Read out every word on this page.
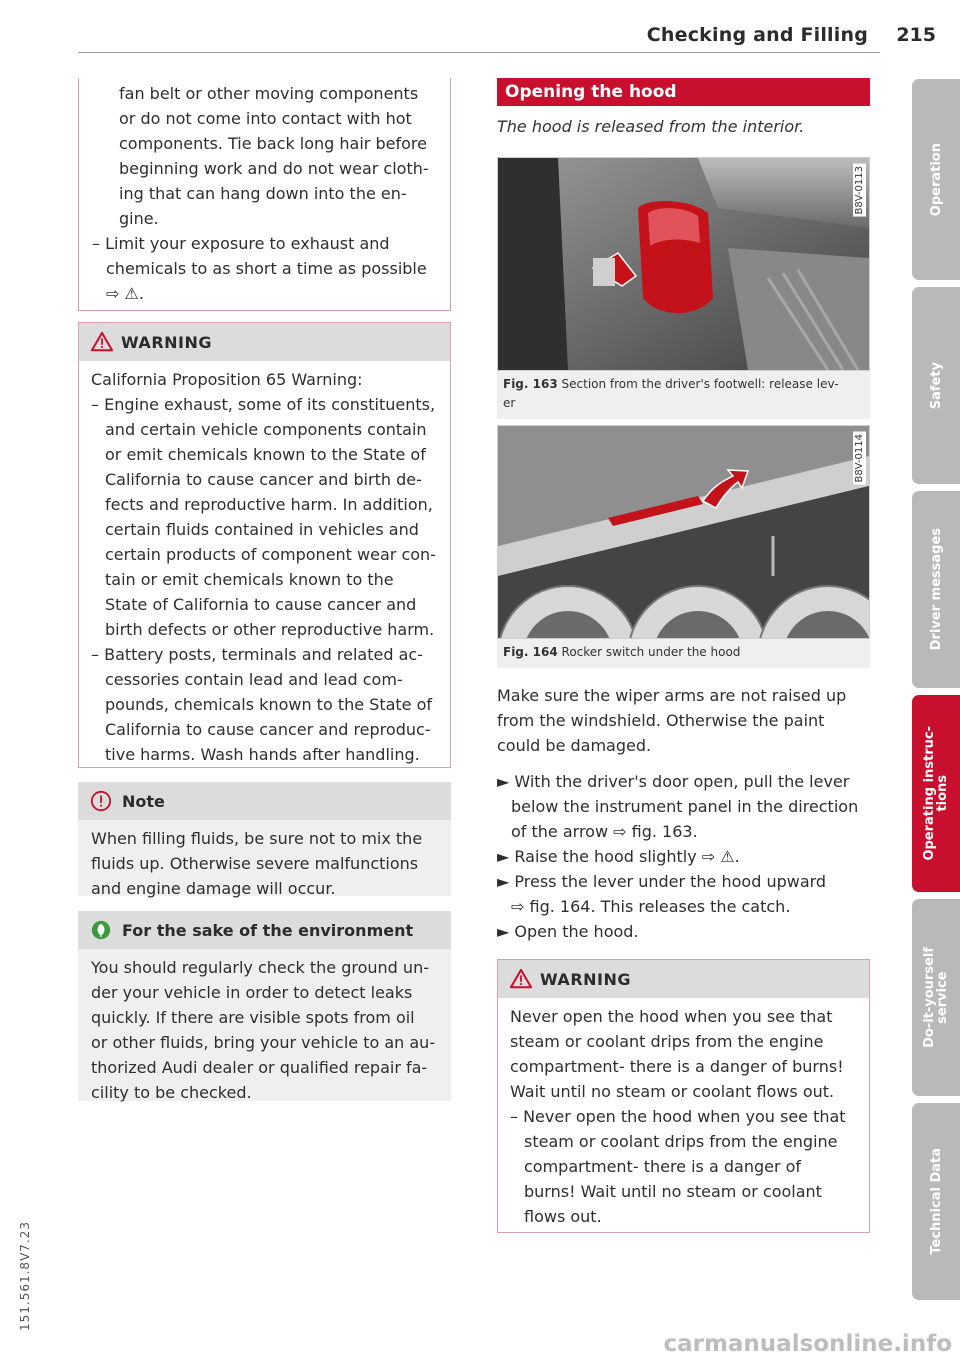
Checking and Filling 215
Operation
Safety
Driver messages
Operating instruc-
tions
Do-it-yourself
service
Technical Data
151.561.8V7.23
carmanualsonline.info
fan belt or other moving components
or do not come into contact with hot
components. Tie back long hair before
beginning work and do not wear cloth-
ing that can hang down into the en-
gine.
– Limit your exposure to exhaust and
chemicals to as short a time as possible
⇨ ⚠.
WARNING
California Proposition 65 Warning:
– Engine exhaust, some of its constituents,
and certain vehicle components contain
or emit chemicals known to the State of
California to cause cancer and birth de-
fects and reproductive harm. In addition,
certain fluids contained in vehicles and
certain products of component wear con-
tain or emit chemicals known to the
State of California to cause cancer and
birth defects or other reproductive harm.
– Battery posts, terminals and related ac-
cessories contain lead and lead com-
pounds, chemicals known to the State of
California to cause cancer and reproduc-
tive harms. Wash hands after handling.
Note
When filling fluids, be sure not to mix the
fluids up. Otherwise severe malfunctions
and engine damage will occur.
For the sake of the environment
You should regularly check the ground un-
der your vehicle in order to detect leaks
quickly. If there are visible spots from oil
or other fluids, bring your vehicle to an au-
thorized Audi dealer or qualified repair fa-
cility to be checked.
Opening the hood
The hood is released from the interior.
B8V-0113
Fig. 163 Section from the driver's footwell: release lev-
er
B8V-0114
Fig. 164 Rocker switch under the hood
Make sure the wiper arms are not raised up
from the windshield. Otherwise the paint
could be damaged.
► With the driver's door open, pull the lever
below the instrument panel in the direction
of the arrow ⇨ fig. 163.
► Raise the hood slightly ⇨ ⚠.
► Press the lever under the hood upward
⇨ fig. 164. This releases the catch.
► Open the hood.
WARNING
Never open the hood when you see that
steam or coolant drips from the engine
compartment- there is a danger of burns!
Wait until no steam or coolant flows out.
– Never open the hood when you see that
steam or coolant drips from the engine
compartment- there is a danger of
burns! Wait until no steam or coolant
flows out.
